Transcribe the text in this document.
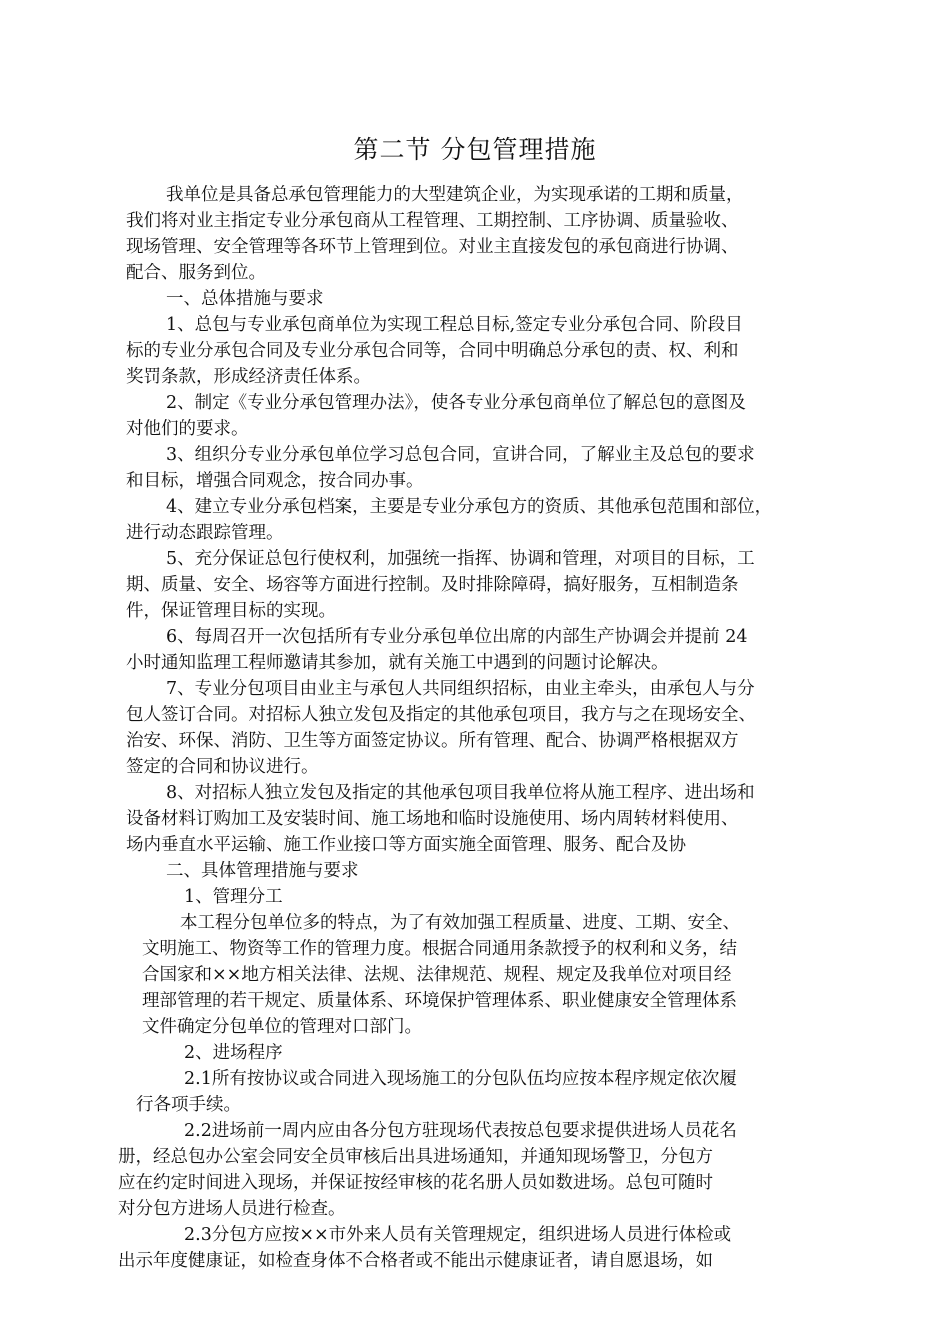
第二节 分包管理措施
我单位是具备总承包管理能力的大型建筑企业，为实现承诺的工期和质量，
我们将对业主指定专业分承包商从工程管理、工期控制、工序协调、质量验收、
现场管理、安全管理等各环节上管理到位。对业主直接发包的承包商进行协调、
配合、服务到位。
一、总体措施与要求
1、总包与专业承包商单位为实现工程总目标,签定专业分承包合同、阶段目
标的专业分承包合同及专业分承包合同等，合同中明确总分承包的责、权、利和
奖罚条款，形成经济责任体系。
2、制定《专业分承包管理办法》，使各专业分承包商单位了解总包的意图及
对他们的要求。
3、组织分专业分承包单位学习总包合同，宣讲合同，了解业主及总包的要求
和目标，增强合同观念，按合同办事。
4、建立专业分承包档案，主要是专业分承包方的资质、其他承包范围和部位，
进行动态跟踪管理。
5、充分保证总包行使权利，加强统一指挥、协调和管理，对项目的目标，工
期、质量、安全、场容等方面进行控制。及时排除障碍，搞好服务，互相制造条
件，保证管理目标的实现。
6、每周召开一次包括所有专业分承包单位出席的内部生产协调会并提前 24
小时通知监理工程师邀请其参加，就有关施工中遇到的问题讨论解决。
7、专业分包项目由业主与承包人共同组织招标，由业主牵头，由承包人与分
包人签订合同。对招标人独立发包及指定的其他承包项目，我方与之在现场安全、
治安、环保、消防、卫生等方面签定协议。所有管理、配合、协调严格根据双方
签定的合同和协议进行。
8、对招标人独立发包及指定的其他承包项目我单位将从施工程序、进出场和
设备材料订购加工及安装时间、施工场地和临时设施使用、场内周转材料使用、
场内垂直水平运输、施工作业接口等方面实施全面管理、服务、配合及协
二、具体管理措施与要求
1、管理分工
本工程分包单位多的特点，为了有效加强工程质量、进度、工期、安全、
文明施工、物资等工作的管理力度。根据合同通用条款授予的权利和义务，结
合国家和××地方相关法律、法规、法律规范、规程、规定及我单位对项目经
理部管理的若干规定、质量体系、环境保护管理体系、职业健康安全管理体系
文件确定分包单位的管理对口部门。
2、进场程序
2.1所有按协议或合同进入现场施工的分包队伍均应按本程序规定依次履
行各项手续。
2.2进场前一周内应由各分包方驻现场代表按总包要求提供进场人员花名
册，经总包办公室会同安全员审核后出具进场通知，并通知现场警卫，分包方
应在约定时间进入现场，并保证按经审核的花名册人员如数进场。总包可随时
对分包方进场人员进行检查。
2.3分包方应按××市外来人员有关管理规定，组织进场人员进行体检或
出示年度健康证，如检查身体不合格者或不能出示健康证者，请自愿退场，如
